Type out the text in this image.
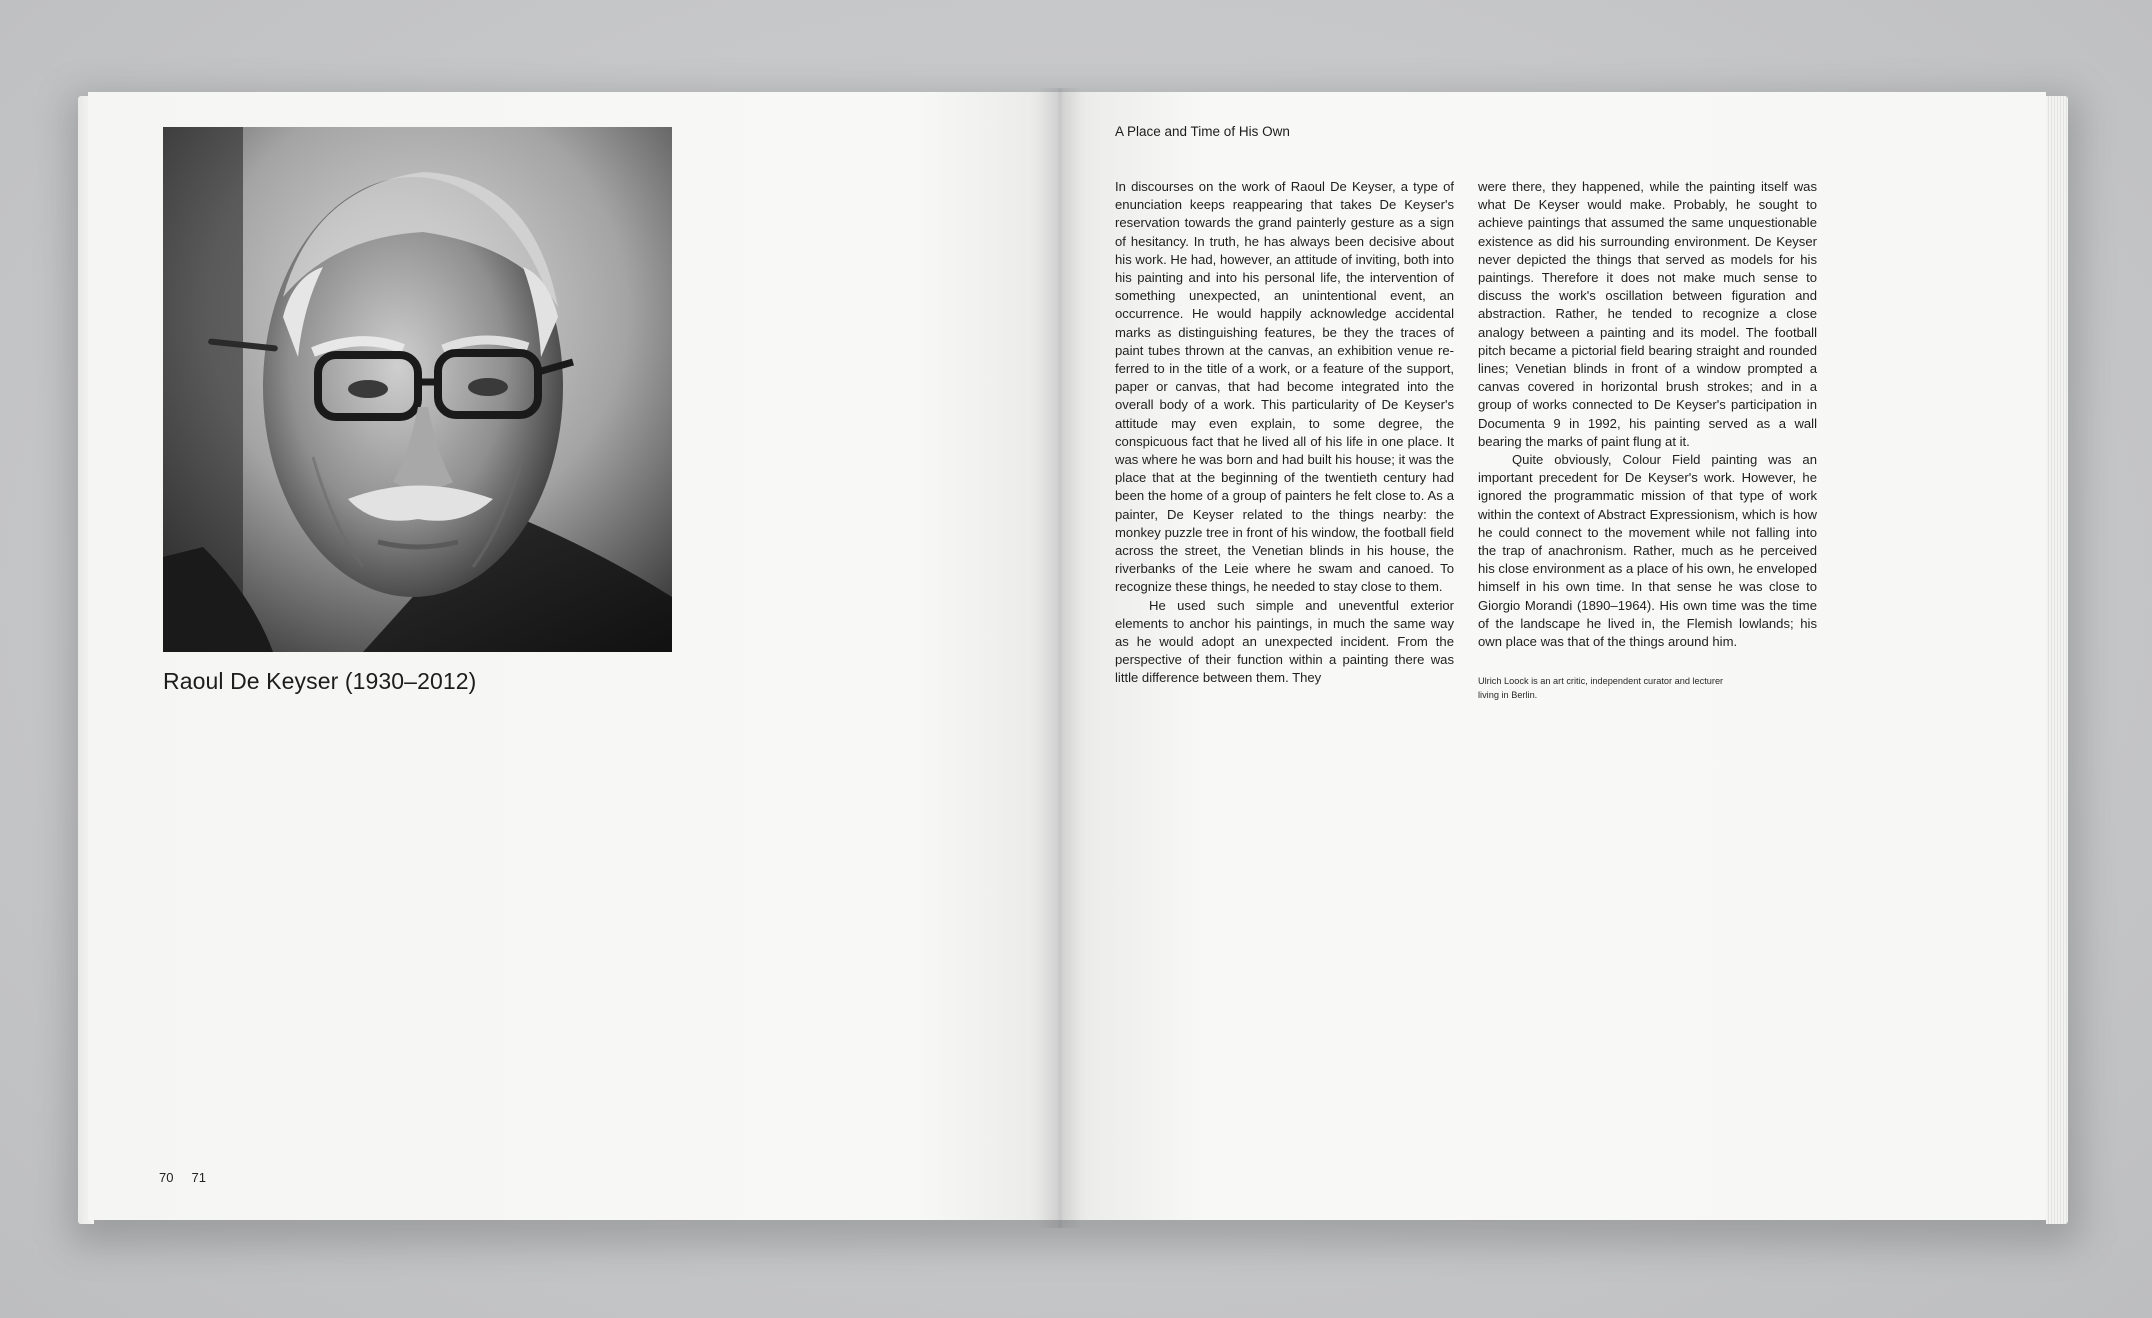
Raoul De Keyser (1930–2012)
70 71
A Place and Time of His Own

In discourses on the work of Raoul De Keyser, a type of enunciation keeps reappearing that takes De Keyser's reservation towards the grand painterly gesture as a sign of hesitancy. In truth, he has always been decisive about his work. He had, however, an attitude of inviting, both into his painting and into his personal life, the intervention of something unexpected, an unintentional event, an occurrence. He would happily acknowledge accidental marks as distinguishing features, be they the traces of paint tubes thrown at the canvas, an exhibition venue referred to in the title of a work, or a feature of the support, paper or canvas, that had become integrated into the overall body of a work. This particularity of De Keyser's attitude may even explain, to some degree, the conspicuous fact that he lived all of his life in one place. It was where he was born and had built his house; it was the place that at the beginning of the twentieth century had been the home of a group of painters he felt close to. As a painter, De Keyser related to the things nearby: the monkey puzzle tree in front of his window, the football field across the street, the Venetian blinds in his house, the riverbanks of the Leie where he swam and canoed. To recognize these things, he needed to stay close to them.

He used such simple and uneventful exterior elements to anchor his paintings, in much the same way as he would adopt an unexpected incident. From the perspective of their function within a painting there was little difference between them. They

were there, they happened, while the painting itself was what De Keyser would make. Probably, he sought to achieve paintings that assumed the same unquestionable existence as did his surrounding environment. De Keyser never depicted the things that served as models for his paintings. Therefore it does not make much sense to discuss the work's oscillation between figuration and abstraction. Rather, he tended to recognize a close analogy between a painting and its model. The football pitch became a pictorial field bearing straight and rounded lines; Venetian blinds in front of a window prompted a canvas covered in horizontal brush strokes; and in a group of works connected to De Keyser's participation in Documenta 9 in 1992, his painting served as a wall bearing the marks of paint flung at it.

Quite obviously, Colour Field painting was an important precedent for De Keyser's work. However, he ignored the programmatic mission of that type of work within the context of Abstract Expressionism, which is how he could connect to the movement while not falling into the trap of anachronism. Rather, much as he perceived his close environment as a place of his own, he enveloped himself in his own time. In that sense he was close to Giorgio Morandi (1890–1964). His own time was the time of the landscape he lived in, the Flemish lowlands; his own place was that of the things around him.

Ulrich Loock is an art critic, independent curator and lecturer living in Berlin.
